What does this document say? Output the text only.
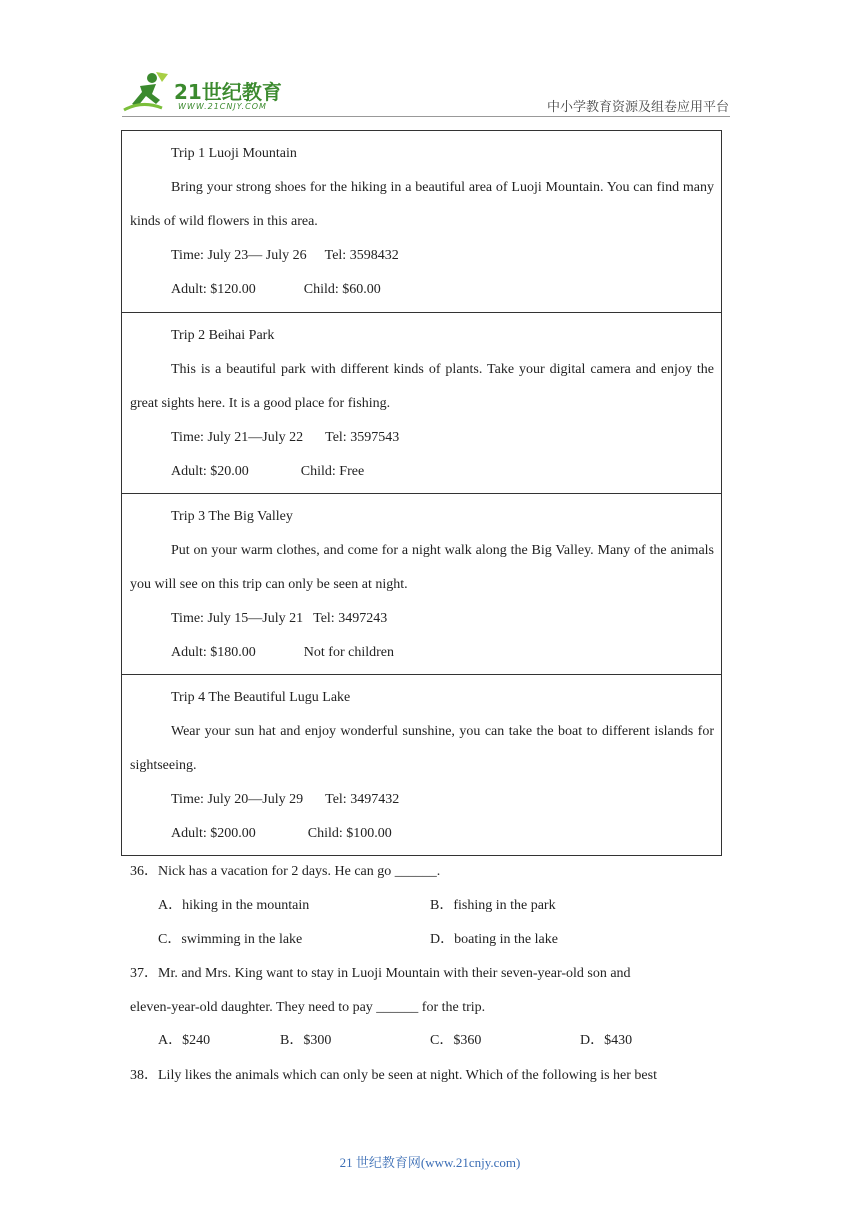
21世纪教育
WWW.21CNJY.COM	中小学教育资源及组卷应用平台
Trip 1 Luoji Mountain
Bring your strong shoes for the hiking in a beautiful area of Luoji Mountain. You can find many kinds of wild flowers in this area.
Time: July 23— July 26 Tel: 3598432
Adult: $120.00	Child: $60.00
Trip 2 Beihai Park
This is a beautiful park with different kinds of plants. Take your digital camera and enjoy the great sights here. It is a good place for fishing.
Time: July 21—July 22 Tel: 3597543
Adult: $20.00	Child: Free
Trip 3 The Big Valley
Put on your warm clothes, and come for a night walk along the Big Valley. Many of the animals you will see on this trip can only be seen at night.
Time: July 15—July 21 Tel: 3497243
Adult: $180.00	Not for children
Trip 4 The Beautiful Lugu Lake
Wear your sun hat and enjoy wonderful sunshine, you can take the boat to different islands for sightseeing.
Time: July 20—July 29 Tel: 3497432
Adult: $200.00	Child: $100.00
36．Nick has a vacation for 2 days. He can go ______.
A．hiking in the mountain	B．fishing in the park
C．swimming in the lake	D．boating in the lake
37．Mr. and Mrs. King want to stay in Luoji Mountain with their seven-year-old son and
eleven-year-old daughter. They need to pay ______ for the trip.
A．$240	B．$300	C．$360	D．$430
38．Lily likes the animals which can only be seen at night. Which of the following is her best
21 世纪教育网(www.21cnjy.com)
